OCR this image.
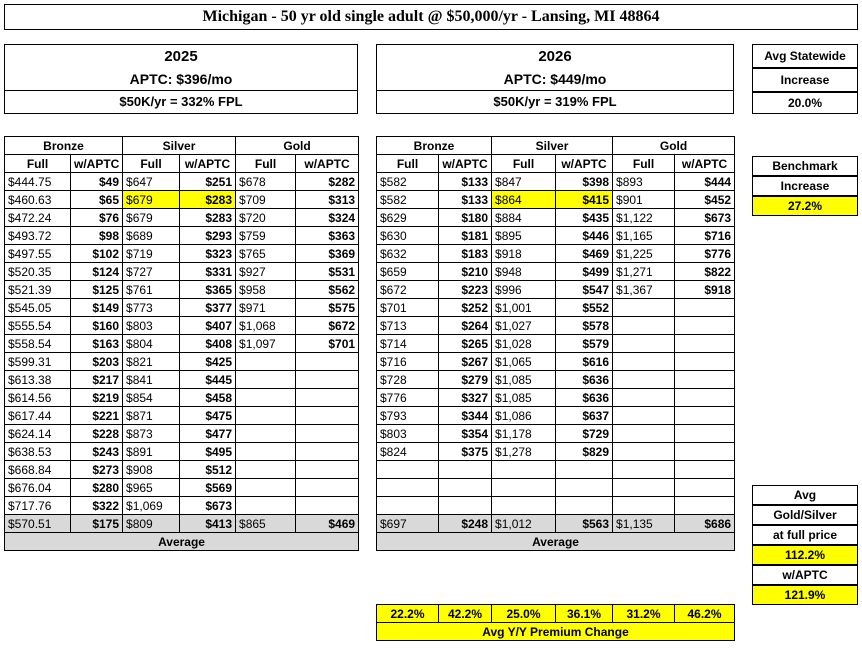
Michigan - 50 yr old single adult @ $50,000/yr - Lansing, MI 48864
2025
APTC: $396/mo
$50K/yr = 332% FPL
2026
APTC: $449/mo
$50K/yr = 319% FPL
Avg Statewide
Increase
20.0%
Benchmark
Increase
27.2%
Avg
Gold/Silver
at full price
112.2%
w/APTC
121.9%
Bronze		Silver		Gold	
Full	w/APTC	Full	w/APTC	Full	w/APTC
$444.75	$49	$647	$251	$678	$282
$460.63	$65	$679	$283	$709	$313
$472.24	$76	$679	$283	$720	$324
$493.72	$98	$689	$293	$759	$363
$497.55	$102	$719	$323	$765	$369
$520.35	$124	$727	$331	$927	$531
$521.39	$125	$761	$365	$958	$562
$545.05	$149	$773	$377	$971	$575
$555.54	$160	$803	$407	$1,068	$672
$558.54	$163	$804	$408	$1,097	$701
$599.31	$203	$821	$425		
$613.38	$217	$841	$445		
$614.56	$219	$854	$458		
$617.44	$221	$871	$475		
$624.14	$228	$873	$477		
$638.53	$243	$891	$495		
$668.84	$273	$908	$512		
$676.04	$280	$965	$569		
$717.76	$322	$1,069	$673		
$570.51	$175	$809	$413	$865	$469
Average					
Bronze		Silver		Gold	
Full	w/APTC	Full	w/APTC	Full	w/APTC
$582	$133	$847	$398	$893	$444
$582	$133	$864	$415	$901	$452
$629	$180	$884	$435	$1,122	$673
$630	$181	$895	$446	$1,165	$716
$632	$183	$918	$469	$1,225	$776
$659	$210	$948	$499	$1,271	$822
$672	$223	$996	$547	$1,367	$918
$701	$252	$1,001	$552		
$713	$264	$1,027	$578		
$714	$265	$1,028	$579		
$716	$267	$1,065	$616		
$728	$279	$1,085	$636		
$776	$327	$1,085	$636		
$793	$344	$1,086	$637		
$803	$354	$1,178	$729		
$824	$375	$1,278	$829		

$697	$248	$1,012	$563	$1,135	$686
Average					
22.2%	42.2%	25.0%	36.1%	31.2%	46.2%
Avg Y/Y Premium Change
